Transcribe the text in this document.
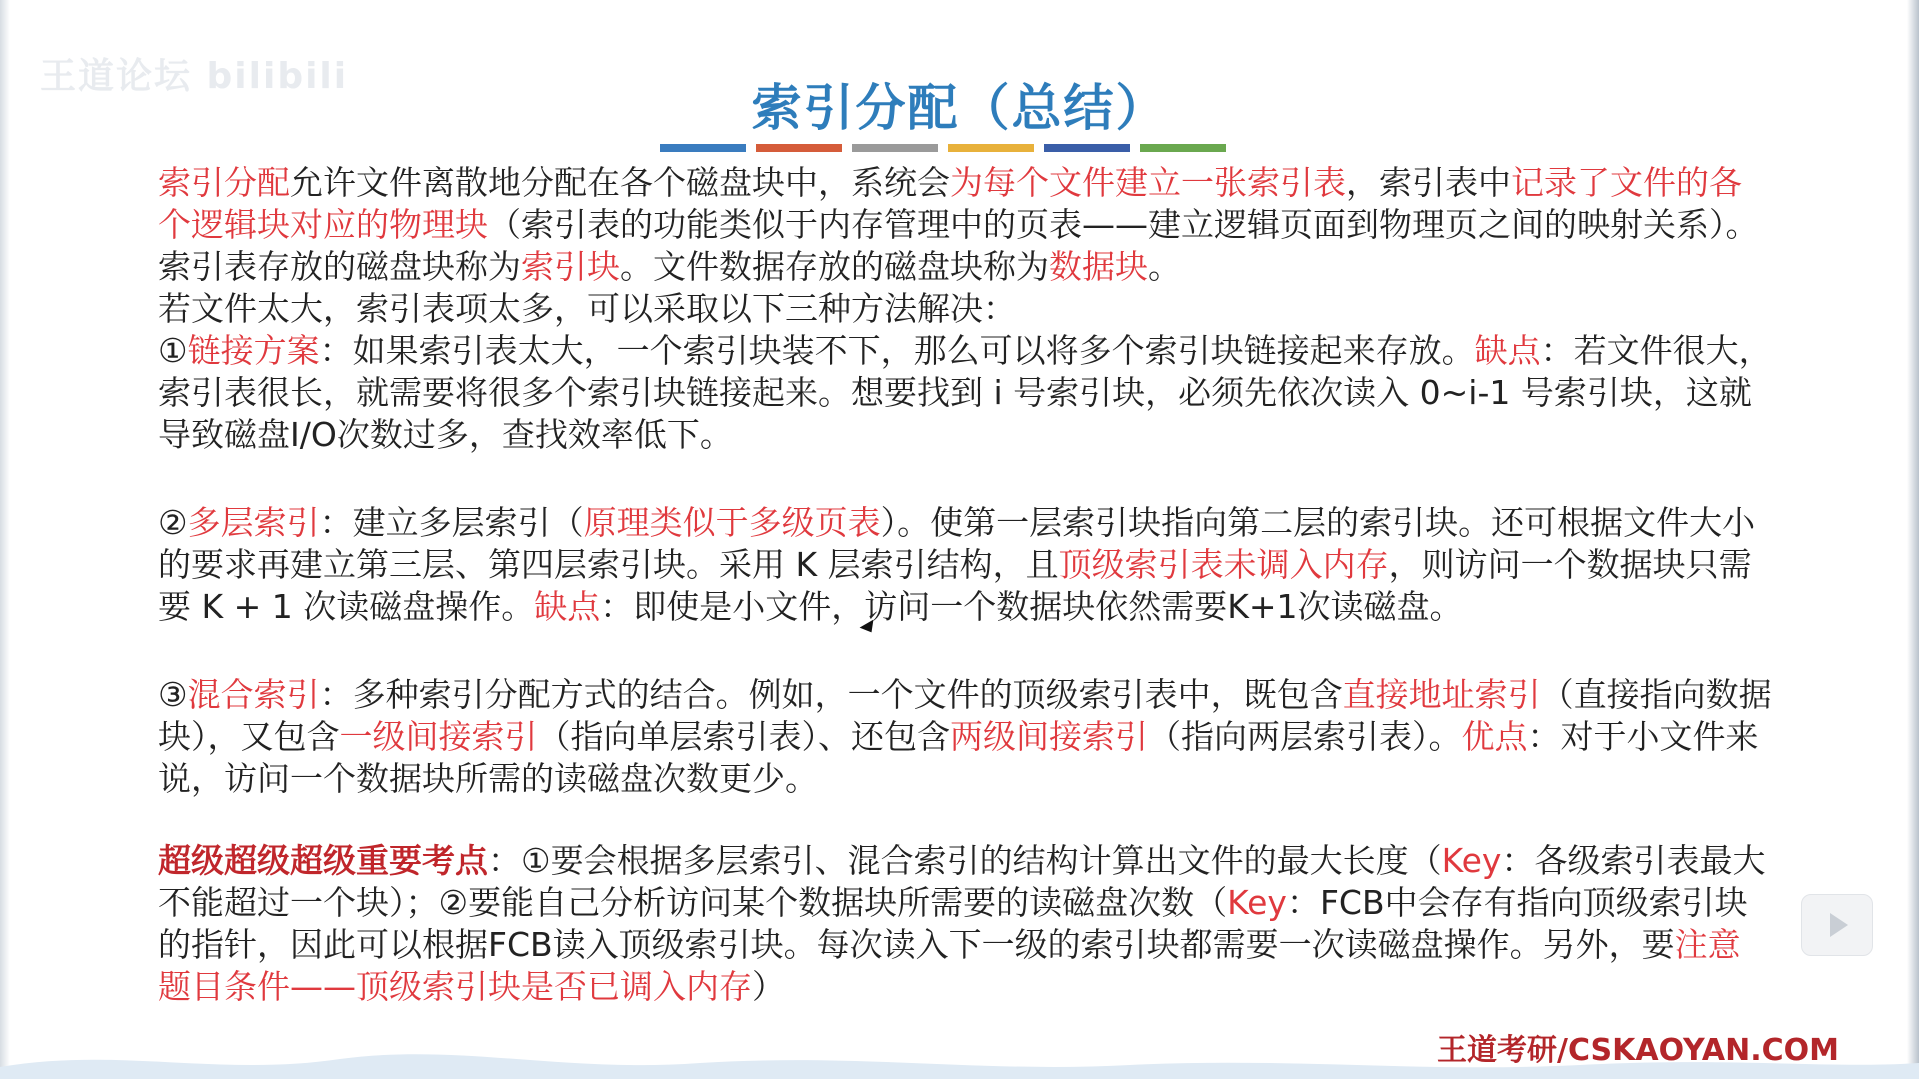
王道论坛 bilibili
索引分配（总结）

索引分配允许文件离散地分配在各个磁盘块中，系统会为每个文件建立一张索引表，索引表中记录了文件的各个逻辑块对应的物理块（索引表的功能类似于内存管理中的页表——建立逻辑页面到物理页之间的映射关系）。索引表存放的磁盘块称为索引块。文件数据存放的磁盘块称为数据块。

若文件太大，索引表项太多，可以采取以下三种方法解决：

①链接方案：如果索引表太大，一个索引块装不下，那么可以将多个索引块链接起来存放。缺点：若文件很大，索引表很长，就需要将很多个索引块链接起来。想要找到 i 号索引块，必须先依次读入 0~i-1 号索引块，这就导致磁盘I/O次数过多，查找效率低下。

②多层索引：建立多层索引（原理类似于多级页表）。使第一层索引块指向第二层的索引块。还可根据文件大小的要求再建立第三层、第四层索引块。采用 K 层索引结构，且顶级索引表未调入内存，则访问一个数据块只需要 K + 1 次读磁盘操作。缺点：即使是小文件，访问一个数据块依然需要K+1次读磁盘。

③混合索引：多种索引分配方式的结合。例如，一个文件的顶级索引表中，既包含直接地址索引（直接指向数据块），又包含一级间接索引（指向单层索引表）、还包含两级间接索引（指向两层索引表）。优点：对于小文件来说，访问一个数据块所需的读磁盘次数更少。

超级超级超级重要考点：①要会根据多层索引、混合索引的结构计算出文件的最大长度（Key：各级索引表最大不能超过一个块）；②要能自己分析访问某个数据块所需要的读磁盘次数（Key：FCB中会存有指向顶级索引块的指针，因此可以根据FCB读入顶级索引块。每次读入下一级的索引块都需要一次读磁盘操作。另外，要注意题目条件——顶级索引块是否已调入内存）

王道考研/CSKAOYAN.COM
